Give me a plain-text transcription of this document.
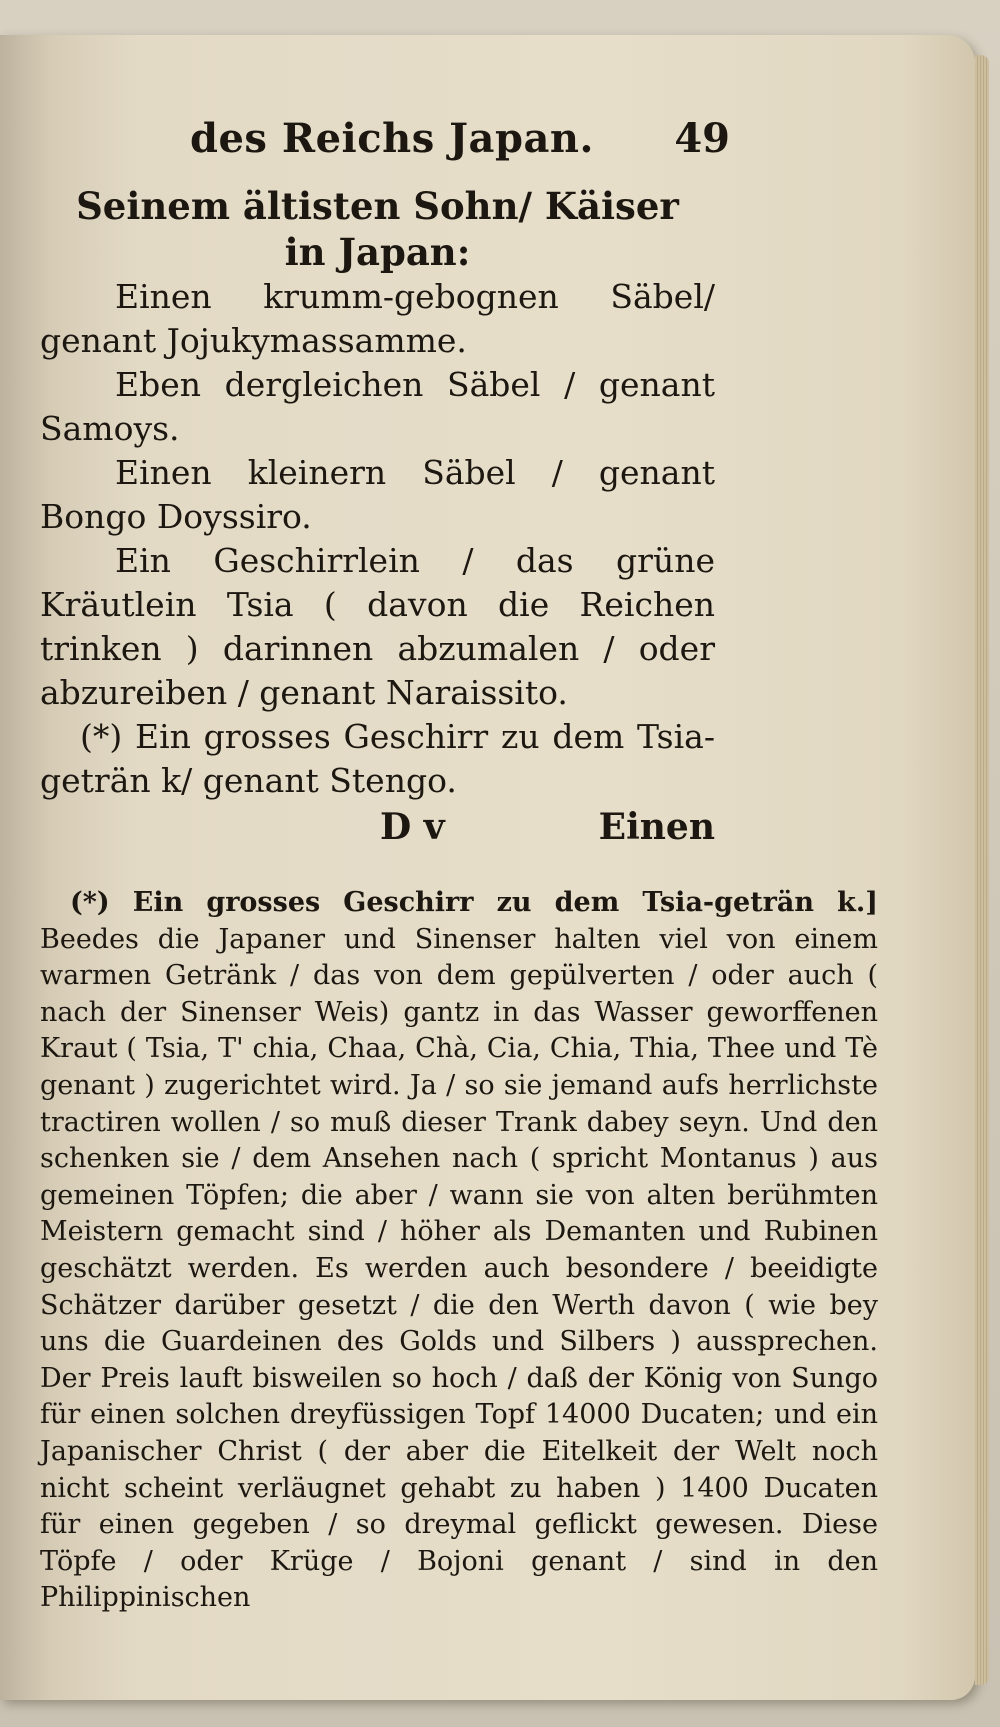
des Reichs Japan. 49
Seinem ältisten Sohn/ Käiser
in Japan:

Einen krumm-gebognen Säbel/ genant Jojukymassamme.

Eben dergleichen Säbel / genant Samoys.

Einen kleinern Säbel / genant Bongo Doyssiro.

Ein Geschirrlein / das grüne Kräutlein Tsia ( davon die Reichen trinken ) darinnen abzumalen / oder abzureiben / genant Naraissito.

(*) Ein grosses Geschirr zu dem Tsia-geträn k/ genant Stengo.

D v	Einen

(*) Ein grosses Geschirr zu dem Tsia-geträn k.] Beedes die Japaner und Sinenser halten viel von einem warmen Getränk / das von dem gepülverten / oder auch ( nach der Sinenser Weis) gantz in das Wasser geworffenen Kraut ( Tsia, T' chia, Chaa, Chà, Cia, Chia, Thia, Thee und Tè genant ) zugerichtet wird. Ja / so sie jemand aufs herrlichste tractiren wollen / so muß dieser Trank dabey seyn. Und den schenken sie / dem Ansehen nach ( spricht Montanus ) aus gemeinen Töpfen; die aber / wann sie von alten berühmten Meistern gemacht sind / höher als Demanten und Rubinen geschätzt werden. Es werden auch besondere / beeidigte Schätzer darüber gesetzt / die den Werth davon ( wie bey uns die Guardeinen des Golds und Silbers ) aussprechen. Der Preis lauft bisweilen so hoch / daß der König von Sungo für einen solchen dreyfüssigen Topf 14000 Ducaten; und ein Japanischer Christ ( der aber die Eitelkeit der Welt noch nicht scheint verläugnet gehabt zu haben ) 1400 Ducaten für einen gegeben / so dreymal geflickt gewesen. Diese Töpfe / oder Krüge / Bojoni genant / sind in den Philippinischen
